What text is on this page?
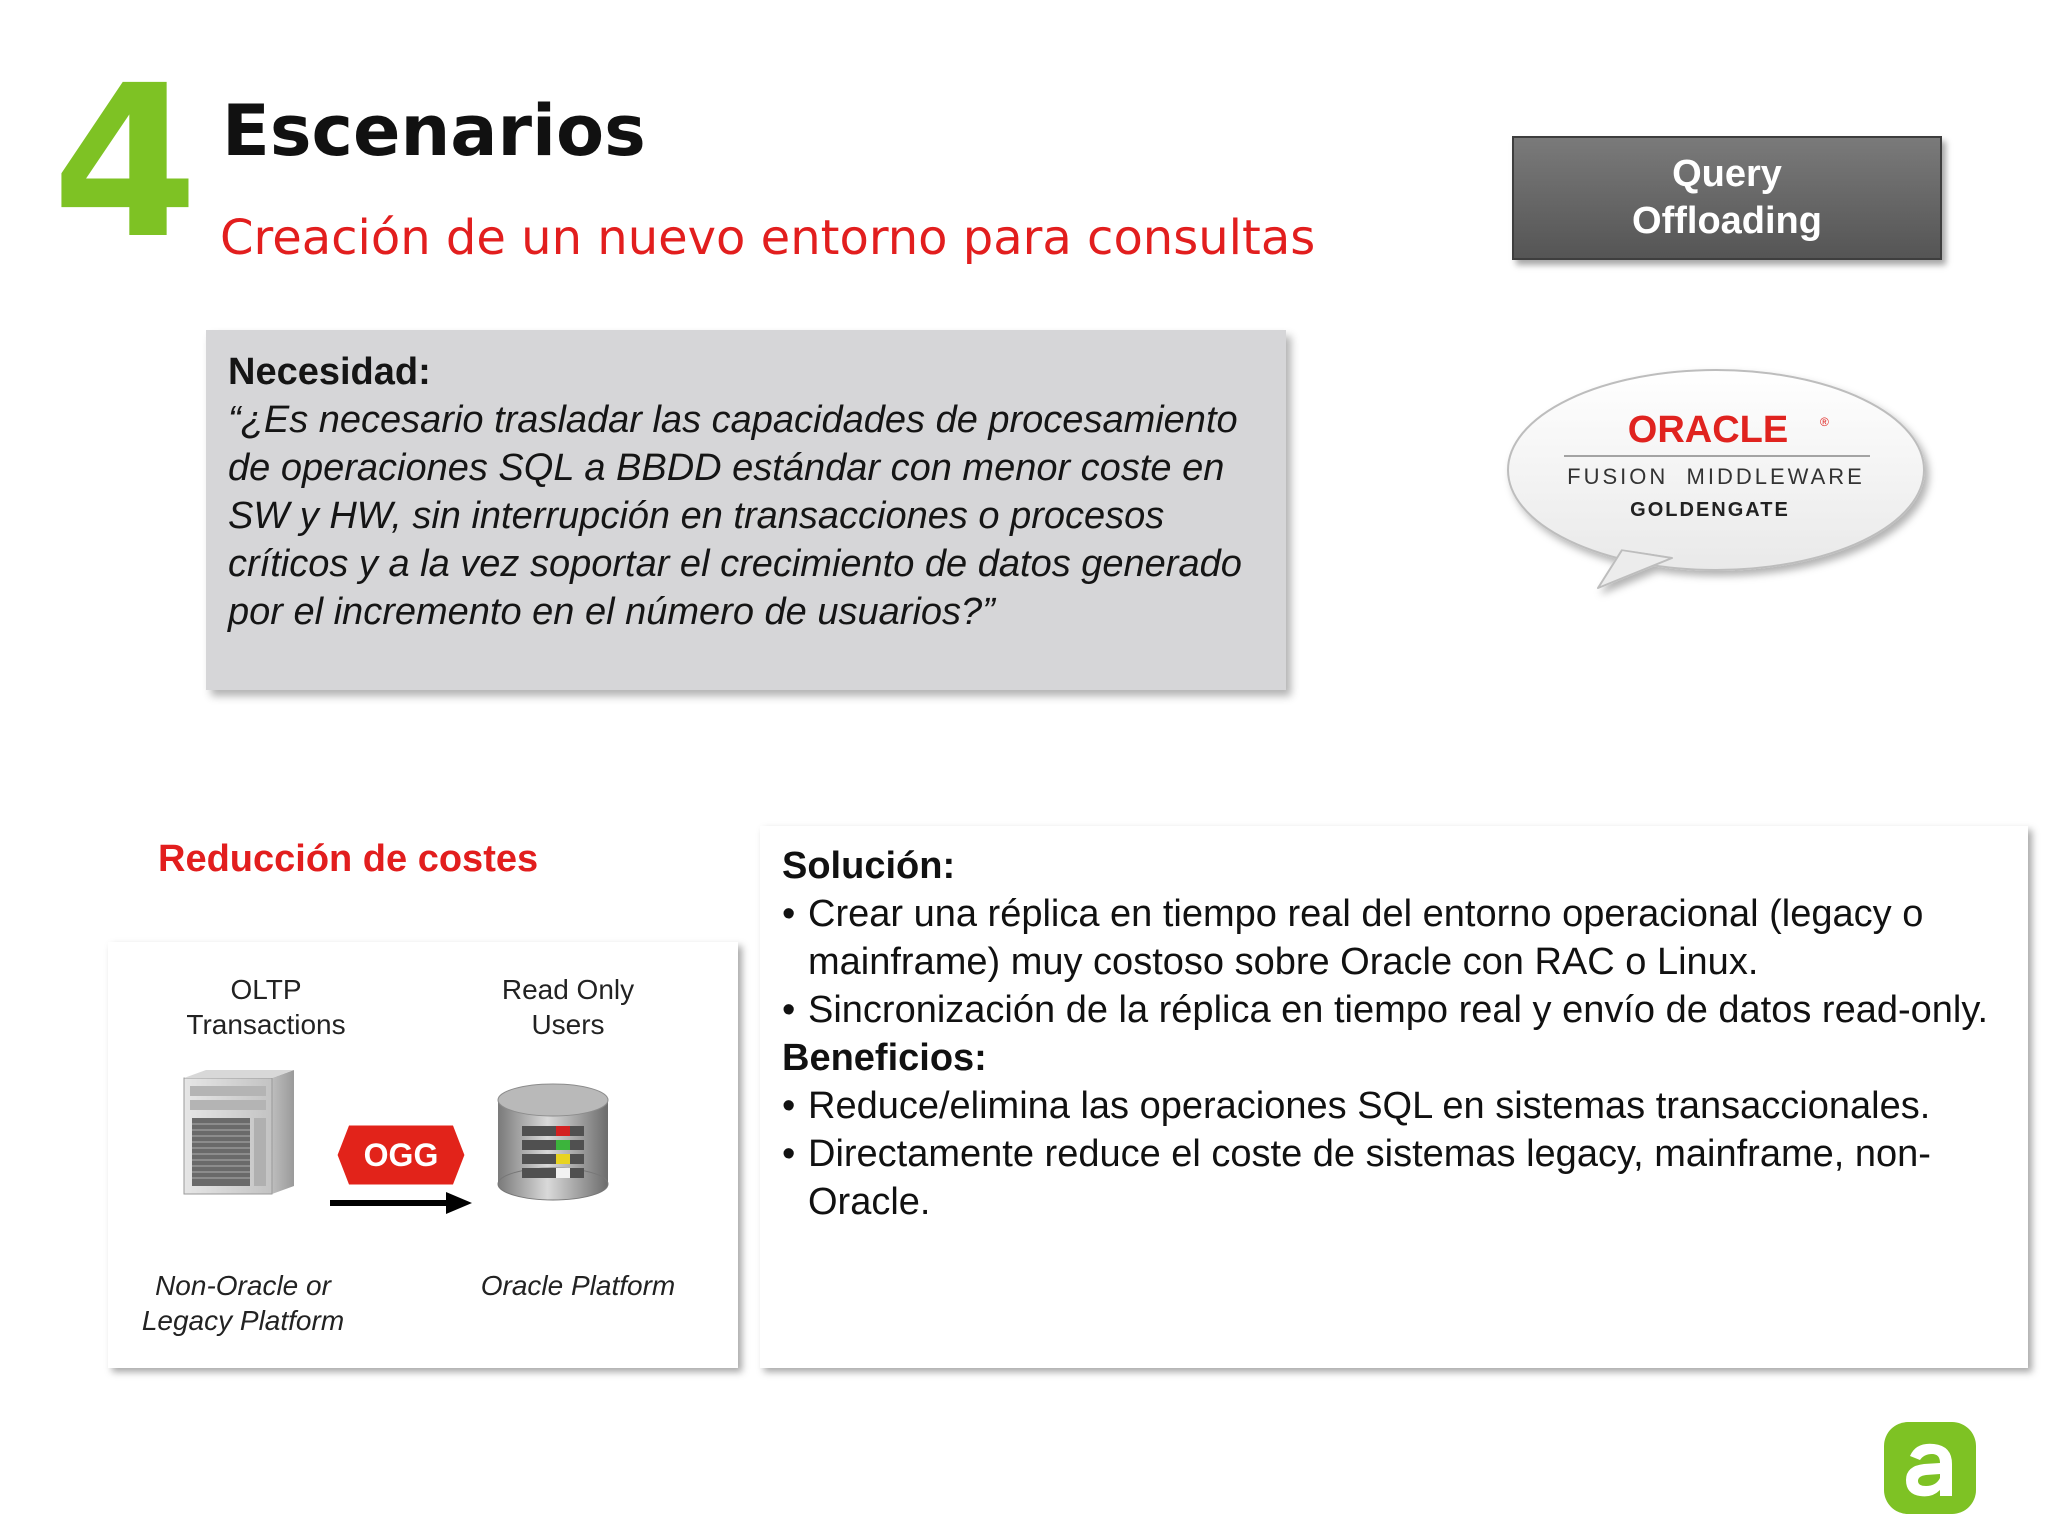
4 Escenarios
Creación de un nuevo entorno para consultas
Query
Offloading
Necesidad:
“¿Es necesario trasladar las capacidades de procesamiento de operaciones SQL a BBDD estándar con menor coste en SW y HW, sin interrupción en transacciones o procesos críticos y a la vez soportar el crecimiento de datos generado por el incremento en el número de usuarios?”
ORACLE	®
FUSION  MIDDLEWARE
GOLDENGATE
Reducción de costes
OLTP
Transactions
Read Only
Users
OGG
Non-Oracle or
Legacy Platform
Oracle Platform
Solución:
• Crear una réplica en tiempo real del entorno operacional (legacy o mainframe) muy costoso sobre Oracle con RAC o Linux.
• Sincronización de la réplica en tiempo real y envío de datos read-only.
Beneficios:
• Reduce/elimina las operaciones SQL en sistemas transaccionales.
• Directamente reduce el coste de sistemas legacy, mainframe, non-Oracle.
